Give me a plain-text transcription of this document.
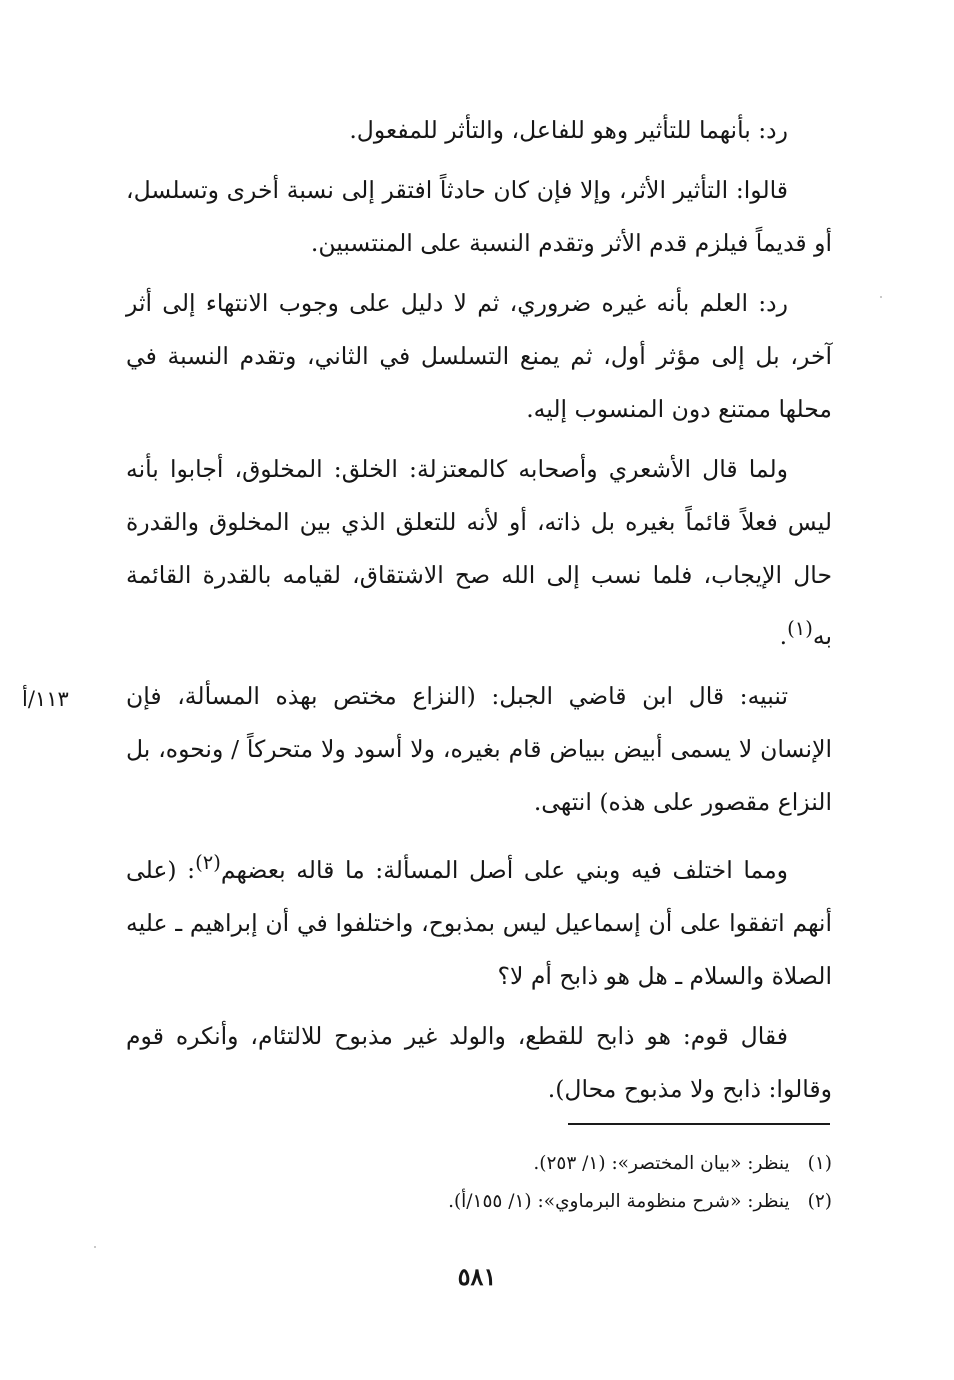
رد: بأنهما للتأثير وهو للفاعل، والتأثر للمفعول.

قالوا: التأثير الأثر، وإلا فإن كان حادثاً افتقر إلى نسبة أخرى وتسلسل، أو قديماً فيلزم قدم الأثر وتقدم النسبة على المنتسبين.

رد: العلم بأنه غيره ضروري، ثم لا دليل على وجوب الانتهاء إلى أثر آخر، بل إلى مؤثر أول، ثم يمنع التسلسل في الثاني، وتقدم النسبة في محلها ممتنع دون المنسوب إليه.

ولما قال الأشعري وأصحابه كالمعتزلة: الخلق: المخلوق، أجابوا بأنه ليس فعلاً قائماً بغيره بل ذاته، أو لأنه للتعلق الذي بين المخلوق والقدرة حال الإيجاب، فلما نسب إلى الله صح الاشتقاق، لقيامه بالقدرة القائمة به$^{(١)}$.

تنبيه: قال ابن قاضي الجبل: (النزاع مختص بهذه المسألة، فإن الإنسان لا يسمى أبيض ببياض قام بغيره، ولا أسود ولا متحركاً / ونحوه، بل النزاع مقصور على هذه) انتهى.

ومما اختلف فيه وبني على أصل المسألة: ما قاله بعضهم$^{(٢)}$: (على أنهم اتفقوا على أن إسماعيل ليس بمذبوح، واختلفوا في أن إبراهيم ـ عليه الصلاة والسلام ـ هل هو ذابح أم لا؟

فقال قوم: هو ذابح للقطع، والولد غير مذبوح للالتئام، وأنكره قوم وقالوا: ذابح ولا مذبوح محال).

١١٣/أ

(١)ينظر: «بيان المختصر»: (١/ ٢٥٣).

(٢)ينظر: «شرح منظومة البرماوي»: (١/ ١٥٥/أ).

٥٨١
